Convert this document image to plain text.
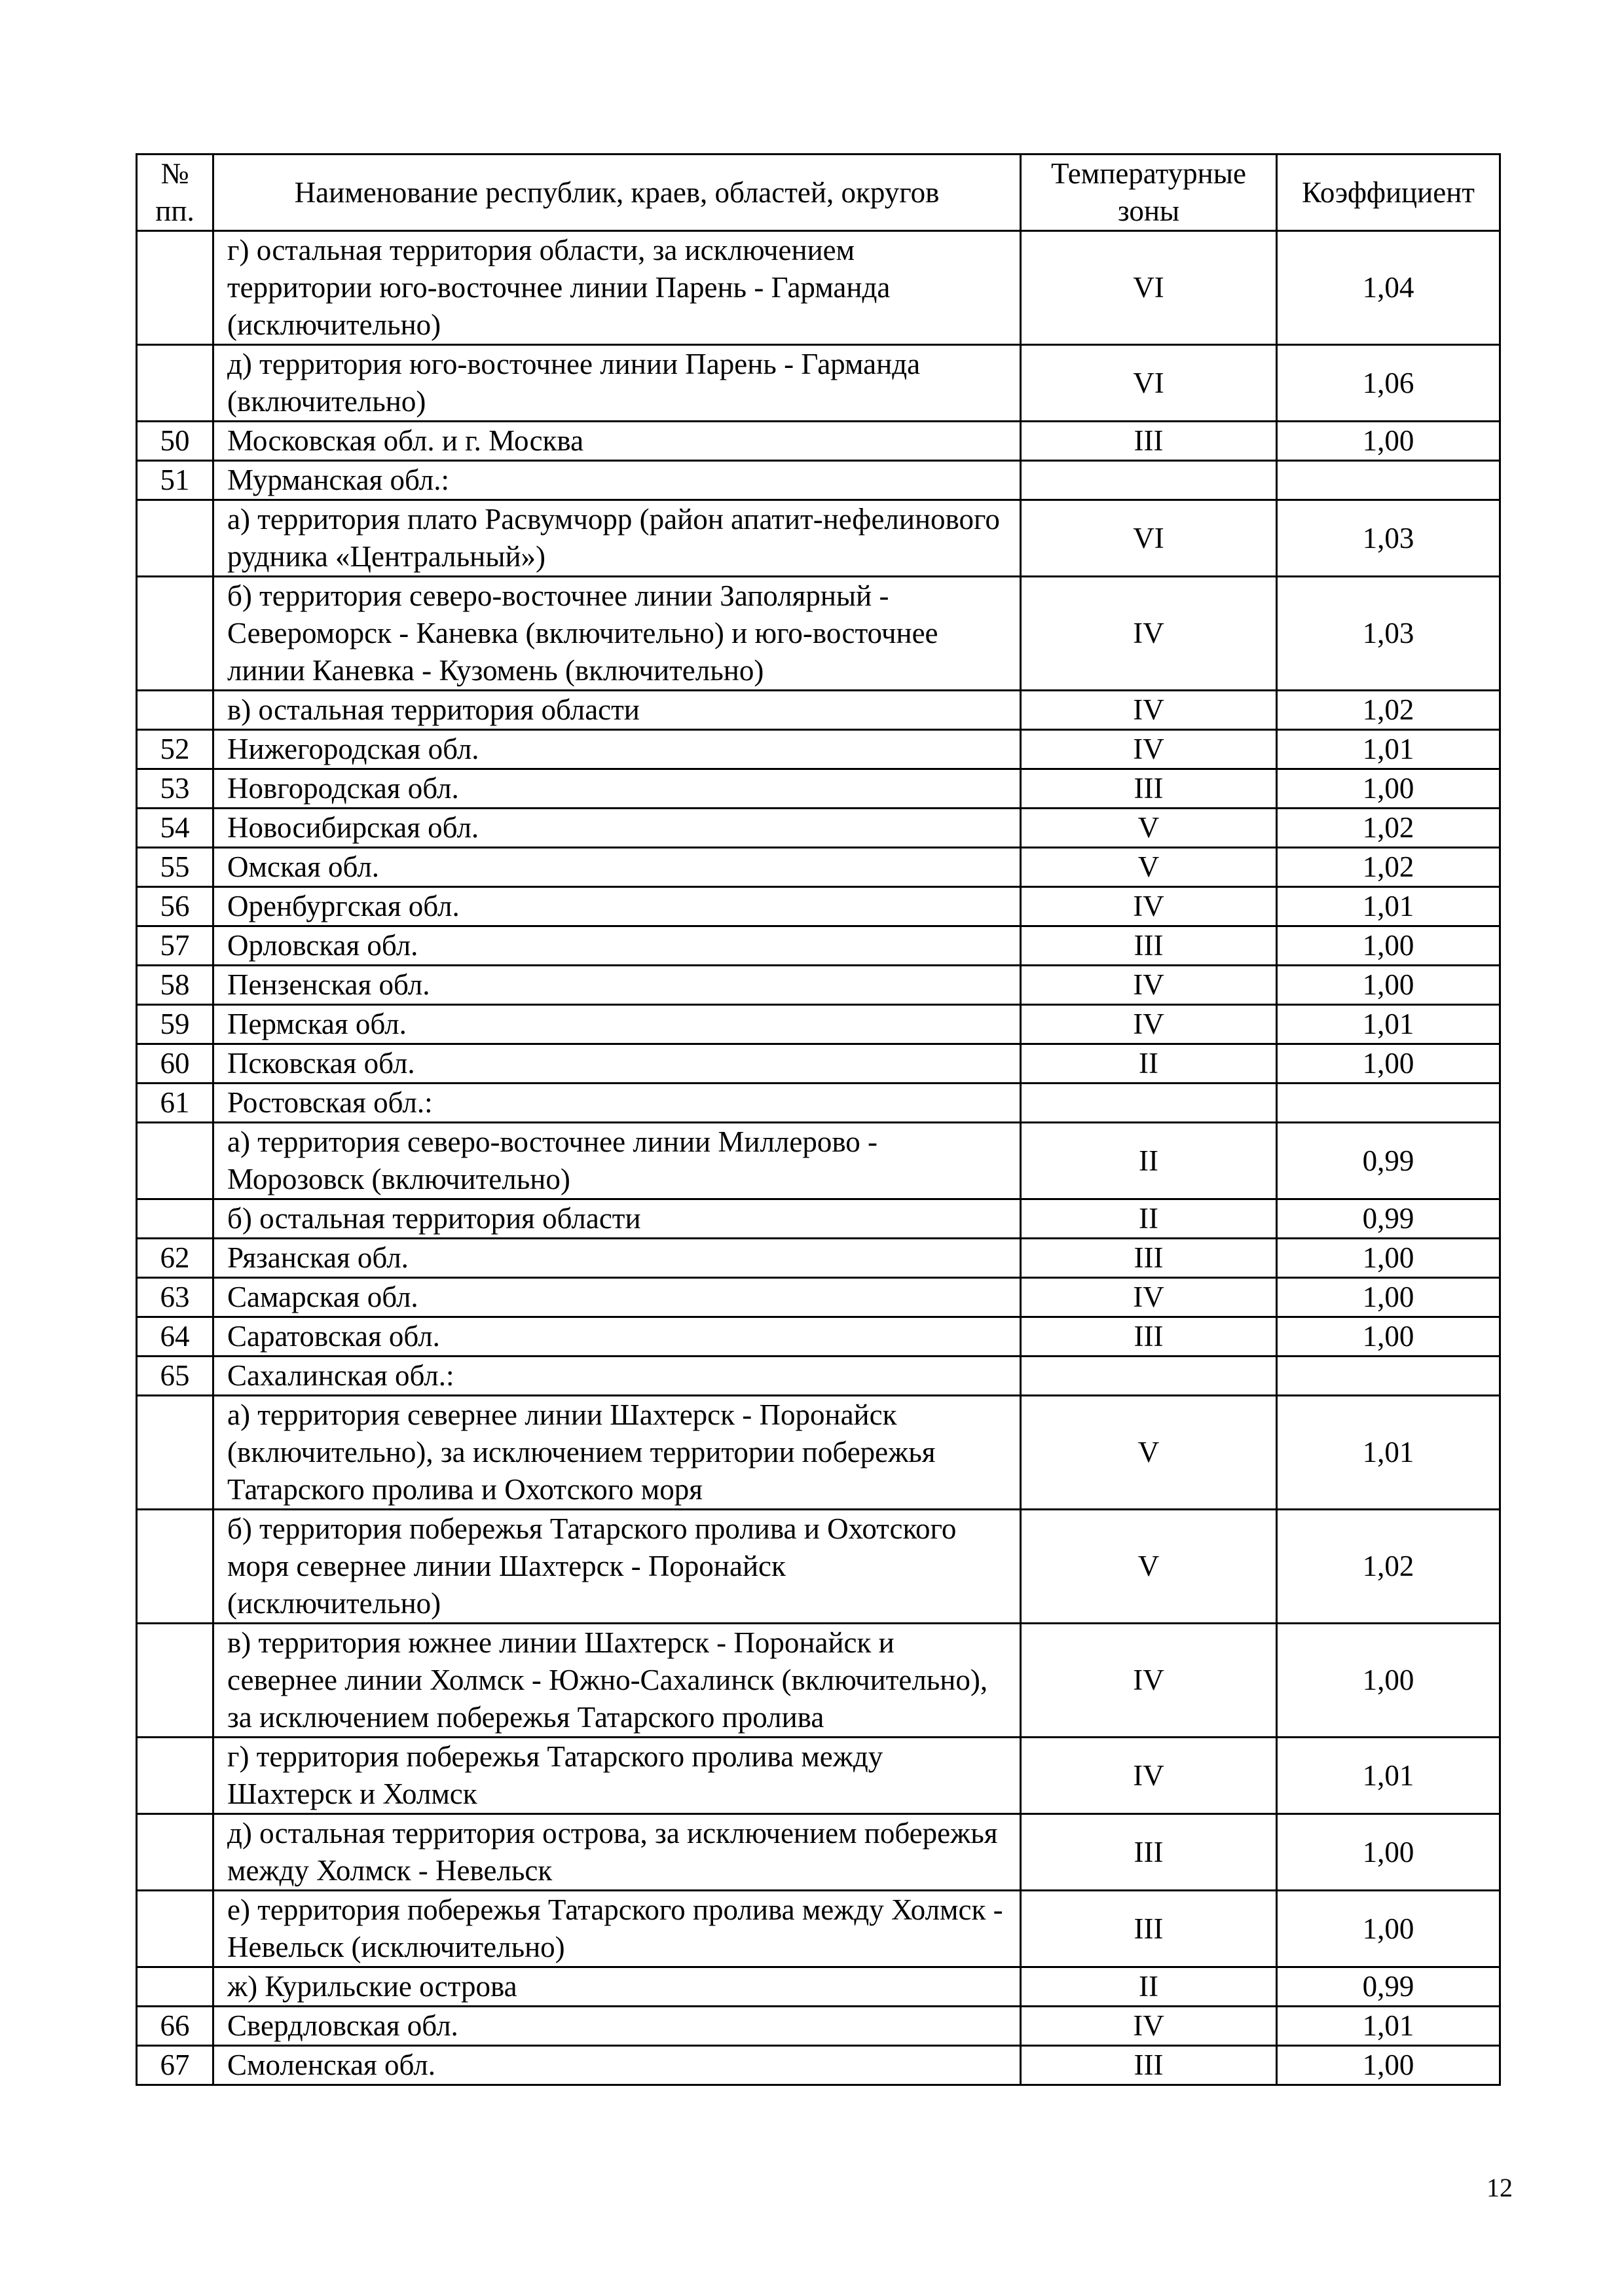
№ пп.	Наименование республик, краев, областей, округов	Температурные зоны	Коэффициент
	г) остальная территория области, за исключением территории юго-восточнее линии Парень - Гарманда (исключительно)	VI	1,04
	д) территория юго-восточнее линии Парень - Гарманда (включительно)	VI	1,06
50	Московская обл. и г. Москва	III	1,00
51	Мурманская обл.:		
	а) территория плато Расвумчорр (район апатит-нефелинового рудника «Центральный»)	VI	1,03
	б) территория северо-восточнее линии Заполярный - Североморск - Каневка (включительно) и юго-восточнее линии Каневка - Кузомень (включительно)	IV	1,03
	в) остальная территория области	IV	1,02
52	Нижегородская обл.	IV	1,01
53	Новгородская обл.	III	1,00
54	Новосибирская обл.	V	1,02
55	Омская обл.	V	1,02
56	Оренбургская обл.	IV	1,01
57	Орловская обл.	III	1,00
58	Пензенская обл.	IV	1,00
59	Пермская обл.	IV	1,01
60	Псковская обл.	II	1,00
61	Ростовская обл.:		
	а) территория северо-восточнее линии Миллерово - Морозовск (включительно)	II	0,99
	б) остальная территория области	II	0,99
62	Рязанская обл.	III	1,00
63	Самарская обл.	IV	1,00
64	Саратовская обл.	III	1,00
65	Сахалинская обл.:		
	а) территория севернее линии Шахтерск - Поронайск (включительно), за исключением территории побережья Татарского пролива и Охотского моря	V	1,01
	б) территория побережья Татарского пролива и Охотского моря севернее линии Шахтерск - Поронайск (исключительно)	V	1,02
	в) территория южнее линии Шахтерск - Поронайск и севернее линии Холмск - Южно-Сахалинск (включительно), за исключением побережья Татарского пролива	IV	1,00
	г) территория побережья Татарского пролива между Шахтерск и Холмск	IV	1,01
	д) остальная территория острова, за исключением побережья между Холмск - Невельск	III	1,00
	е) территория побережья Татарского пролива между Холмск - Невельск (исключительно)	III	1,00
	ж) Курильские острова	II	0,99
66	Свердловская обл.	IV	1,01
67	Смоленская обл.	III	1,00
12
